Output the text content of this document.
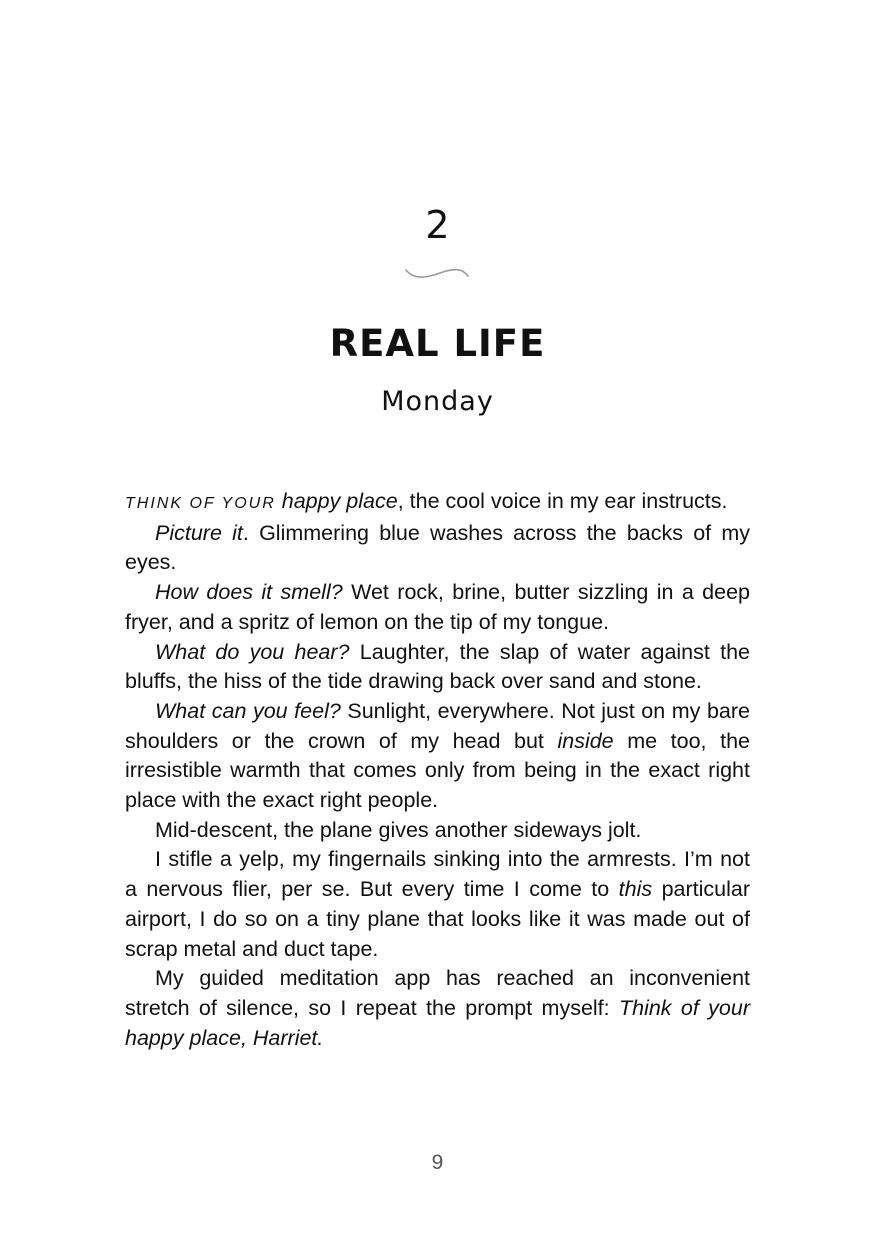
2
REAL LIFE
Monday

THINK OF YOUR happy place, the cool voice in my ear instructs.

Picture it. Glimmering blue washes across the backs of my eyes.

How does it smell? Wet rock, brine, butter sizzling in a deep fryer, and a spritz of lemon on the tip of my tongue.

What do you hear? Laughter, the slap of water against the bluffs, the hiss of the tide drawing back over sand and stone.

What can you feel? Sunlight, everywhere. Not just on my bare shoulders or the crown of my head but inside me too, the irresistible warmth that comes only from being in the exact right place with the exact right people.

Mid-descent, the plane gives another sideways jolt.

I stifle a yelp, my fingernails sinking into the armrests. I’m not a nervous flier, per se. But every time I come to this particular airport, I do so on a tiny plane that looks like it was made out of scrap metal and duct tape.

My guided meditation app has reached an inconvenient stretch of silence, so I repeat the prompt myself: Think of your happy place, Harriet.

9
